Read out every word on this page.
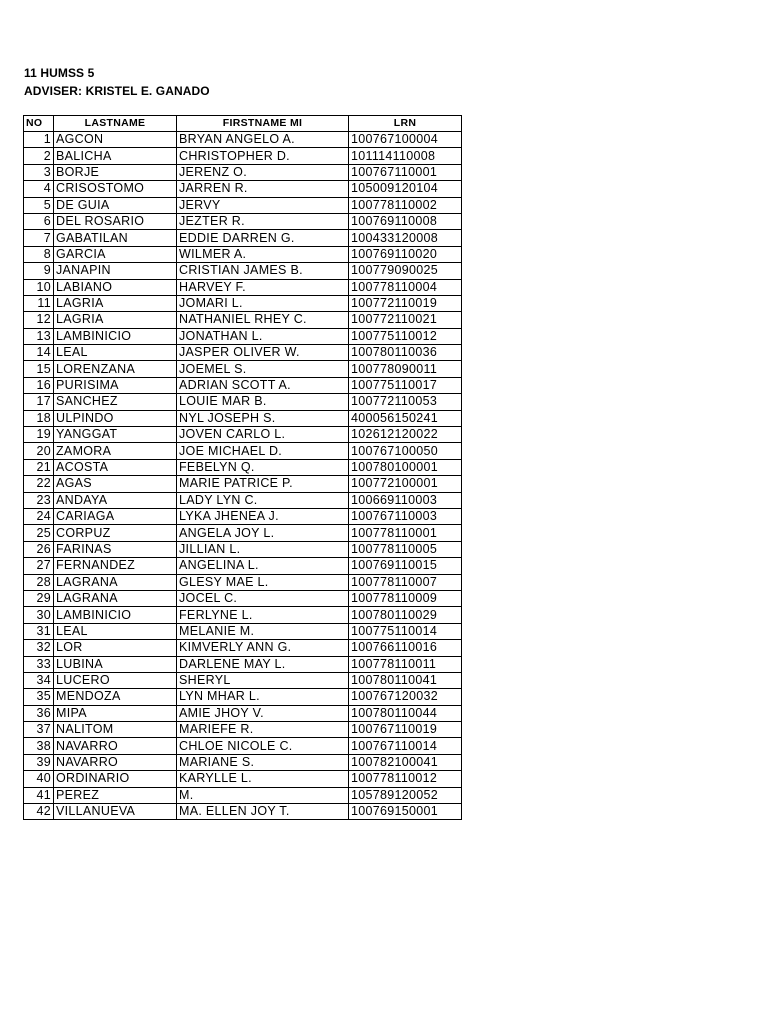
11 HUMSS 5
ADVISER: KRISTEL E. GANADO
NO	LASTNAME	FIRSTNAME MI	LRN
1	AGCON	BRYAN ANGELO A.	100767100004
2	BALICHA	CHRISTOPHER D.	101114110008
3	BORJE	JERENZ O.	100767110001
4	CRISOSTOMO	JARREN R.	105009120104
5	DE GUIA	JERVY	100778110002
6	DEL ROSARIO	JEZTER R.	100769110008
7	GABATILAN	EDDIE DARREN G.	100433120008
8	GARCIA	WILMER A.	100769110020
9	JANAPIN	CRISTIAN JAMES B.	100779090025
10	LABIANO	HARVEY F.	100778110004
11	LAGRIA	JOMARI L.	100772110019
12	LAGRIA	NATHANIEL RHEY C.	100772110021
13	LAMBINICIO	JONATHAN L.	100775110012
14	LEAL	JASPER OLIVER W.	100780110036
15	LORENZANA	JOEMEL S.	100778090011
16	PURISIMA	ADRIAN SCOTT A.	100775110017
17	SANCHEZ	LOUIE MAR B.	100772110053
18	ULPINDO	NYL JOSEPH S.	400056150241
19	YANGGAT	JOVEN CARLO L.	102612120022
20	ZAMORA	JOE MICHAEL D.	100767100050
21	ACOSTA	FEBELYN Q.	100780100001
22	AGAS	MARIE PATRICE P.	100772100001
23	ANDAYA	LADY LYN C.	100669110003
24	CARIAGA	LYKA JHENEA J.	100767110003
25	CORPUZ	ANGELA JOY L.	100778110001
26	FARINAS	JILLIAN L.	100778110005
27	FERNANDEZ	ANGELINA L.	100769110015
28	LAGRANA	GLESY MAE L.	100778110007
29	LAGRANA	JOCEL C.	100778110009
30	LAMBINICIO	FERLYNE L.	100780110029
31	LEAL	MELANIE M.	100775110014
32	LOR	KIMVERLY ANN G.	100766110016
33	LUBINA	DARLENE MAY L.	100778110011
34	LUCERO	SHERYL	100780110041
35	MENDOZA	LYN MHAR L.	100767120032
36	MIPA	AMIE JHOY V.	100780110044
37	NALITOM	MARIEFE R.	100767110019
38	NAVARRO	CHLOE NICOLE C.	100767110014
39	NAVARRO	MARIANE S.	100782100041
40	ORDINARIO	KARYLLE L.	100778110012
41	PEREZ	M.	105789120052
42	VILLANUEVA	MA. ELLEN JOY T.	100769150001
